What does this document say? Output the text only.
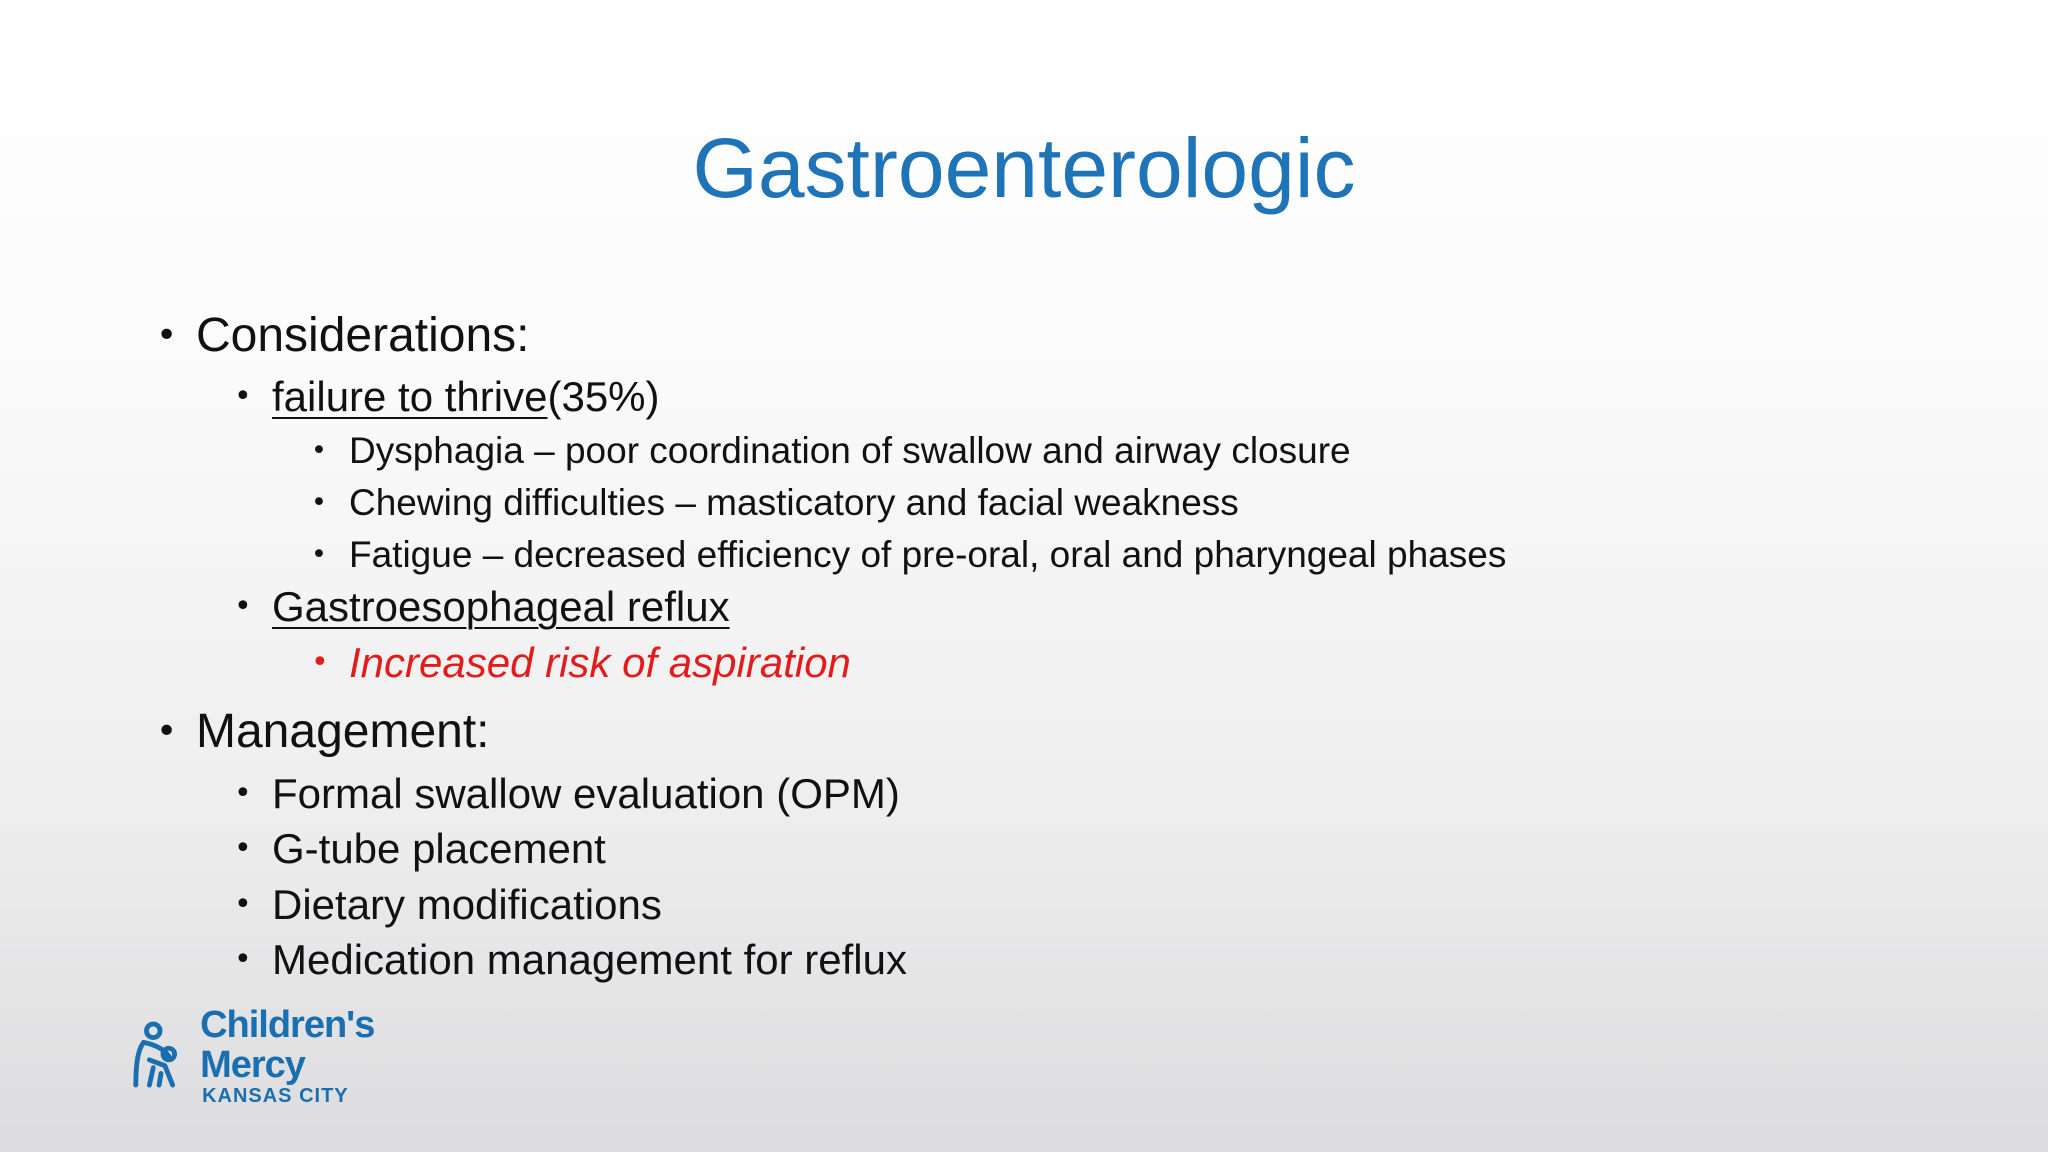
Gastroenterologic
• Considerations:
• failure to thrive (35%)
• Dysphagia – poor coordination of swallow and airway closure
• Chewing difficulties – masticatory and facial weakness
• Fatigue – decreased efficiency of pre-oral, oral and pharyngeal phases
• Gastroesophageal reflux
• Increased risk of aspiration
• Management:
• Formal swallow evaluation (OPM)
• G-tube placement
• Dietary modifications
• Medication management for reflux
Children's Mercy
KANSAS CITY
